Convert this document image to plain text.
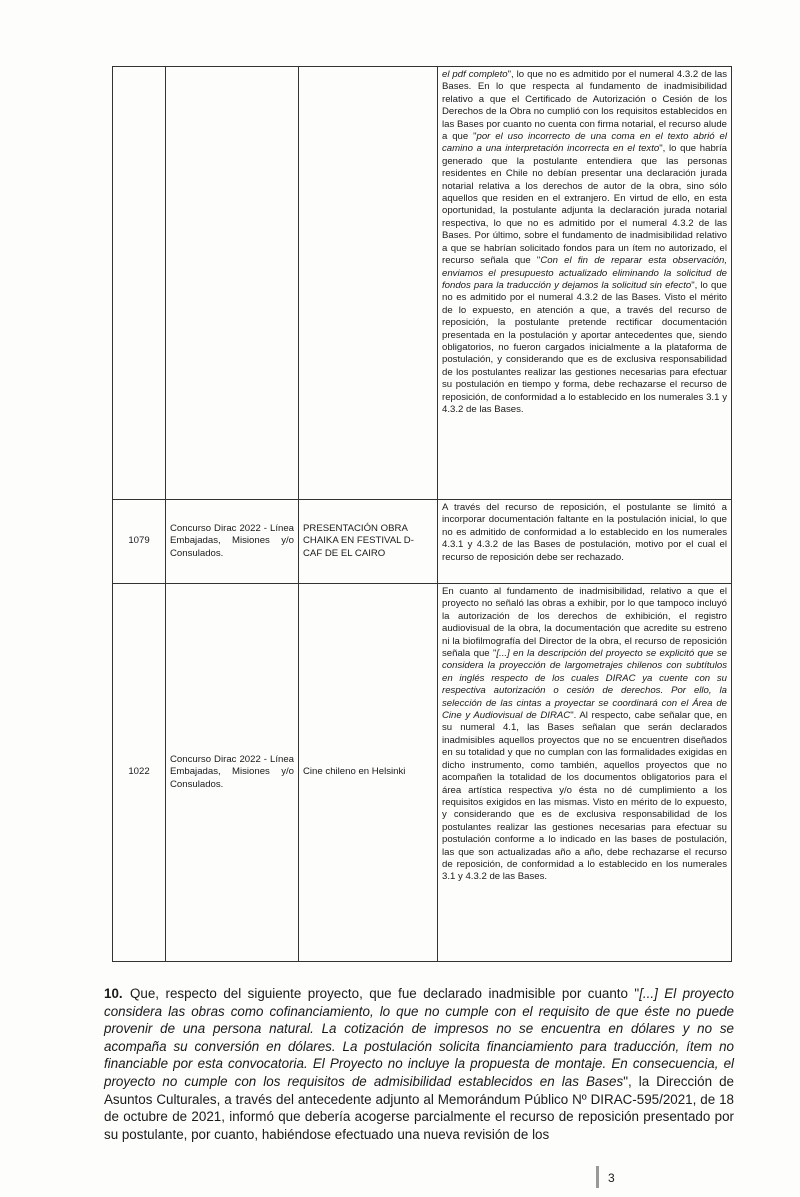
			el pdf completo", lo que no es admitido por el numeral 4.3.2 de las Bases. En lo que respecta al fundamento de inadmisibilidad relativo a que el Certificado de Autorización o Cesión de los Derechos de la Obra no cumplió con los requisitos establecidos en las Bases por cuanto no cuenta con firma notarial, el recurso alude a que "por el uso incorrecto de una coma en el texto abrió el camino a una interpretación incorrecta en el texto", lo que habría generado que la postulante entendiera que las personas residentes en Chile no debían presentar una declaración jurada notarial relativa a los derechos de autor de la obra, sino sólo aquellos que residen en el extranjero. En virtud de ello, en esta oportunidad, la postulante adjunta la declaración jurada notarial respectiva, lo que no es admitido por el numeral 4.3.2 de las Bases. Por último, sobre el fundamento de inadmisibilidad relativo a que se habrían solicitado fondos para un ítem no autorizado, el recurso señala que "Con el fin de reparar esta observación, enviamos el presupuesto actualizado eliminando la solicitud de fondos para la traducción y dejamos la solicitud sin efecto", lo que no es admitido por el numeral 4.3.2 de las Bases. Visto el mérito de lo expuesto, en atención a que, a través del recurso de reposición, la postulante pretende rectificar documentación presentada en la postulación y aportar antecedentes que, siendo obligatorios, no fueron cargados inicialmente a la plataforma de postulación, y considerando que es de exclusiva responsabilidad de los postulantes realizar las gestiones necesarias para efectuar su postulación en tiempo y forma, debe rechazarse el recurso de reposición, de conformidad a lo establecido en los numerales 3.1 y 4.3.2 de las Bases.

1079	Concurso Dirac 2022 - Línea Embajadas, Misiones y/o Consulados.	PRESENTACIÓN OBRA CHAIKA EN FESTIVAL D-CAF DE EL CAIRO	A través del recurso de reposición, el postulante se limitó a incorporar documentación faltante en la postulación inicial, lo que no es admitido de conformidad a lo establecido en los numerales 4.3.1 y 4.3.2 de las Bases de postulación, motivo por el cual el recurso de reposición debe ser rechazado.

1022	Concurso Dirac 2022 - Línea Embajadas, Misiones y/o Consulados.	Cine chileno en Helsinki	En cuanto al fundamento de inadmisibilidad, relativo a que el proyecto no señaló las obras a exhibir, por lo que tampoco incluyó la autorización de los derechos de exhibición, el registro audiovisual de la obra, la documentación que acredite su estreno ni la biofilmografía del Director de la obra, el recurso de reposición señala que "[...] en la descripción del proyecto se explicitó que se considera la proyección de largometrajes chilenos con subtítulos en inglés respecto de los cuales DIRAC ya cuente con su respectiva autorización o cesión de derechos. Por ello, la selección de las cintas a proyectar se coordinará con el Área de Cine y Audiovisual de DIRAC". Al respecto, cabe señalar que, en su numeral 4.1, las Bases señalan que serán declarados inadmisibles aquellos proyectos que no se encuentren diseñados en su totalidad y que no cumplan con las formalidades exigidas en dicho instrumento, como también, aquellos proyectos que no acompañen la totalidad de los documentos obligatorios para el área artística respectiva y/o ésta no dé cumplimiento a los requisitos exigidos en las mismas. Visto en mérito de lo expuesto, y considerando que es de exclusiva responsabilidad de los postulantes realizar las gestiones necesarias para efectuar su postulación conforme a lo indicado en las bases de postulación, las que son actualizadas año a año, debe rechazarse el recurso de reposición, de conformidad a lo establecido en los numerales 3.1 y 4.3.2 de las Bases.

10. Que, respecto del siguiente proyecto, que fue declarado inadmisible por cuanto "[...] El proyecto considera las obras como cofinanciamiento, lo que no cumple con el requisito de que éste no puede provenir de una persona natural. La cotización de impresos no se encuentra en dólares y no se acompaña su conversión en dólares. La postulación solicita financiamiento para traducción, ítem no financiable por esta convocatoria. El Proyecto no incluye la propuesta de montaje. En consecuencia, el proyecto no cumple con los requisitos de admisibilidad establecidos en las Bases", la Dirección de Asuntos Culturales, a través del antecedente adjunto al Memorándum Público Nº DIRAC-595/2021, de 18 de octubre de 2021, informó que debería acogerse parcialmente el recurso de reposición presentado por su postulante, por cuanto, habiéndose efectuado una nueva revisión de los
3
